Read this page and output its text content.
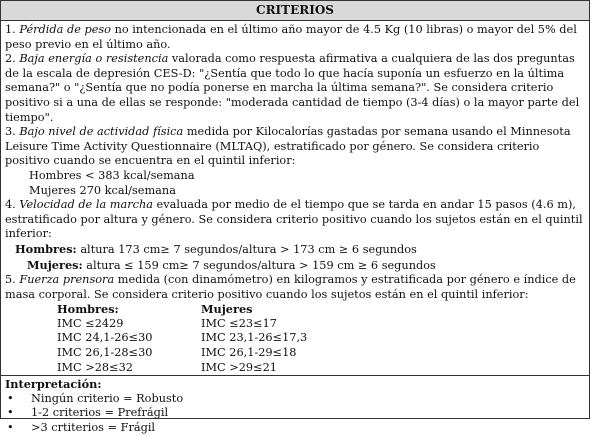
CRITERIOS

1. Pérdida de peso no intencionada en el último año mayor de 4.5 Kg (10 libras) o mayor del 5% del peso previo en el último año.

2. Baja energía o resistencia valorada como respuesta afirmativa a cualquiera de las dos preguntas de la escala de depresión CES-D: "¿Sentía que todo lo que hacía suponía un esfuerzo en la última semana?" o "¿Sentía que no podía ponerse en marcha la última semana?". Se considera criterio positivo si a una de ellas se responde: "moderada cantidad de tiempo (3-4 días) o la mayor parte del tiempo".

3. Bajo nivel de actividad física medida por Kilocalorías gastadas por semana usando el Minnesota Leisure Time Activity Questionnaire (MLTAQ), estratificado por género. Se considera criterio positivo cuando se encuentra en el quintil inferior:

Hombres < 383 kcal/semana

Mujeres 270 kcal/semana

4. Velocidad de la marcha evaluada por medio de el tiempo que se tarda en andar 15 pasos (4.6 m), estratificado por altura y género. Se considera criterio positivo cuando los sujetos están en el quintil inferior:

Hombres: altura 173 cm≥ 7 segundos/altura > 173 cm ≥ 6 segundos

Mujeres: altura ≤ 159 cm≥ 7 segundos/altura > 159 cm ≥ 6 segundos

5. Fuerza prensora medida (con dinamómetro) en kilogramos y estratificada por género e índice de masa corporal. Se considera criterio positivo cuando los sujetos están en el quintil inferior:

Hombres:	Mujeres
IMC ≤2429	IMC ≤23≤17
IMC 24,1-26≤30	IMC 23,1-26≤17,3
IMC 26,1-28≤30	IMC 26,1-29≤18
IMC >28≤32	IMC >29≤21

Interpretación:

• Ningún criterio = Robusto
• 1-2 criterios = Prefrágil
• >3 crtiterios = Frágil
